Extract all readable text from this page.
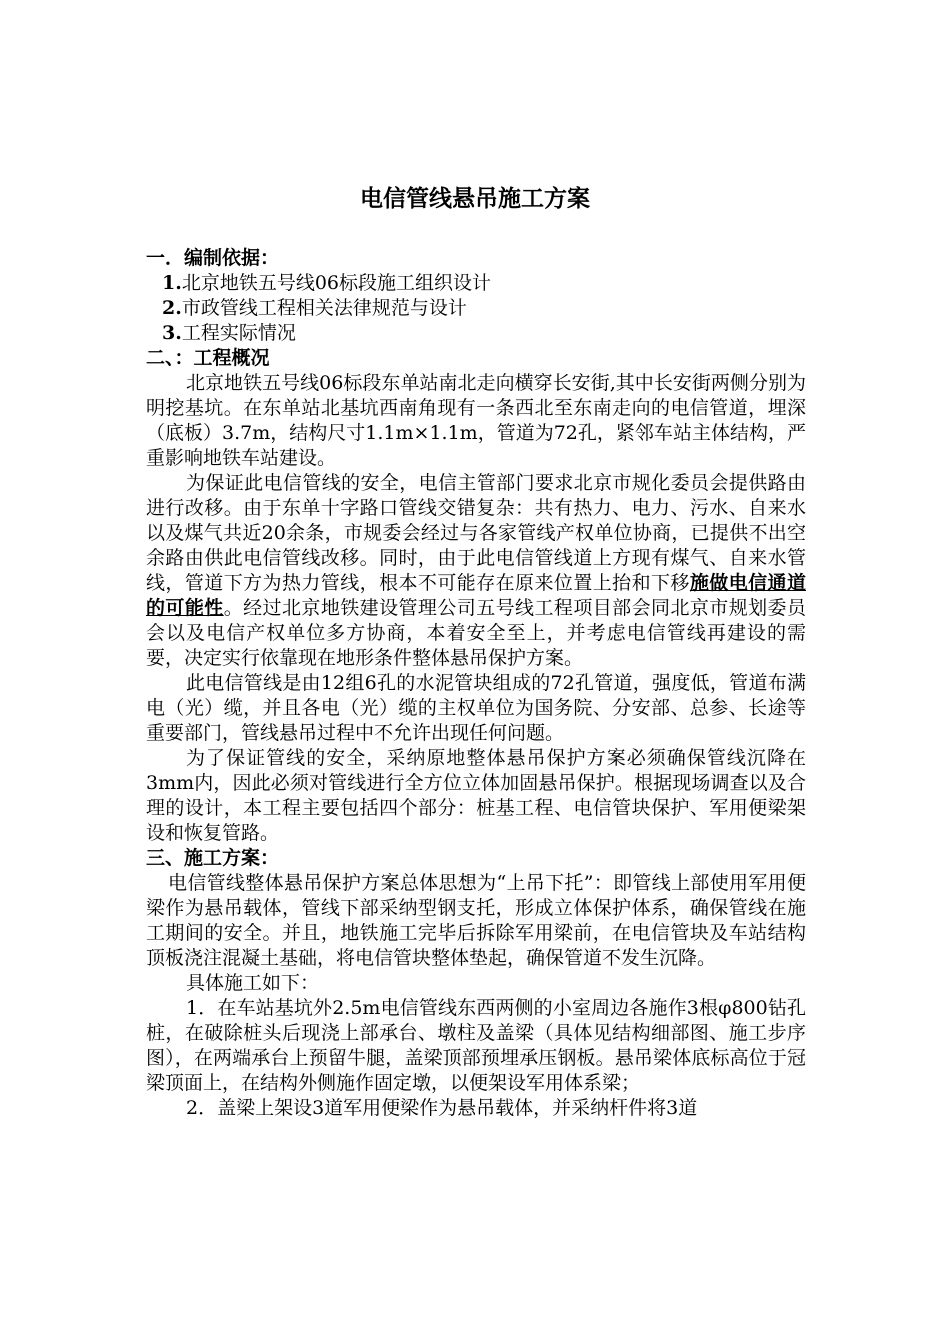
电信管线悬吊施工方案

一．编制依据：

1.北京地铁五号线06标段施工组织设计

2.市政管线工程相关法律规范与设计

3.工程实际情况

二、：工程概况

北京地铁五号线06标段东单站南北走向横穿长安街,其中长安街两侧分别为明挖基坑。在东单站北基坑西南角现有一条西北至东南走向的电信管道，埋深（底板）3.7m，结构尺寸1.1m×1.1m，管道为72孔，紧邻车站主体结构，严重影响地铁车站建设。

为保证此电信管线的安全，电信主管部门要求北京市规化委员会提供路由进行改移。由于东单十字路口管线交错复杂：共有热力、电力、污水、自来水以及煤气共近20余条，市规委会经过与各家管线产权单位协商，已提供不出空余路由供此电信管线改移。同时，由于此电信管线道上方现有煤气、自来水管线，管道下方为热力管线，根本不可能存在原来位置上抬和下移施做电信通道的可能性。经过北京地铁建设管理公司五号线工程项目部会同北京市规划委员会以及电信产权单位多方协商，本着安全至上，并考虑电信管线再建设的需要，决定实行依靠现在地形条件整体悬吊保护方案。

此电信管线是由12组6孔的水泥管块组成的72孔管道，强度低，管道布满电（光）缆，并且各电（光）缆的主权单位为国务院、分安部、总参、长途等重要部门，管线悬吊过程中不允许出现任何问题。

为了保证管线的安全，采纳原地整体悬吊保护方案必须确保管线沉降在3mm内，因此必须对管线进行全方位立体加固悬吊保护。根据现场调查以及合理的设计，本工程主要包括四个部分：桩基工程、电信管块保护、军用便梁架设和恢复管路。

三、施工方案：

电信管线整体悬吊保护方案总体思想为“上吊下托”：即管线上部使用军用便梁作为悬吊载体，管线下部采纳型钢支托，形成立体保护体系，确保管线在施工期间的安全。并且，地铁施工完毕后拆除军用梁前，在电信管块及车站结构顶板浇注混凝土基础，将电信管块整体垫起，确保管道不发生沉降。

具体施工如下：

1．在车站基坑外2.5m电信管线东西两侧的小室周边各施作3根φ800钻孔桩，在破除桩头后现浇上部承台、墩柱及盖梁（具体见结构细部图、施工步序图），在两端承台上预留牛腿，盖梁顶部预埋承压钢板。悬吊梁体底标高位于冠梁顶面上，在结构外侧施作固定墩，以便架设军用体系梁；

2．盖梁上架设3道军用便梁作为悬吊载体，并采纳杆件将3道
